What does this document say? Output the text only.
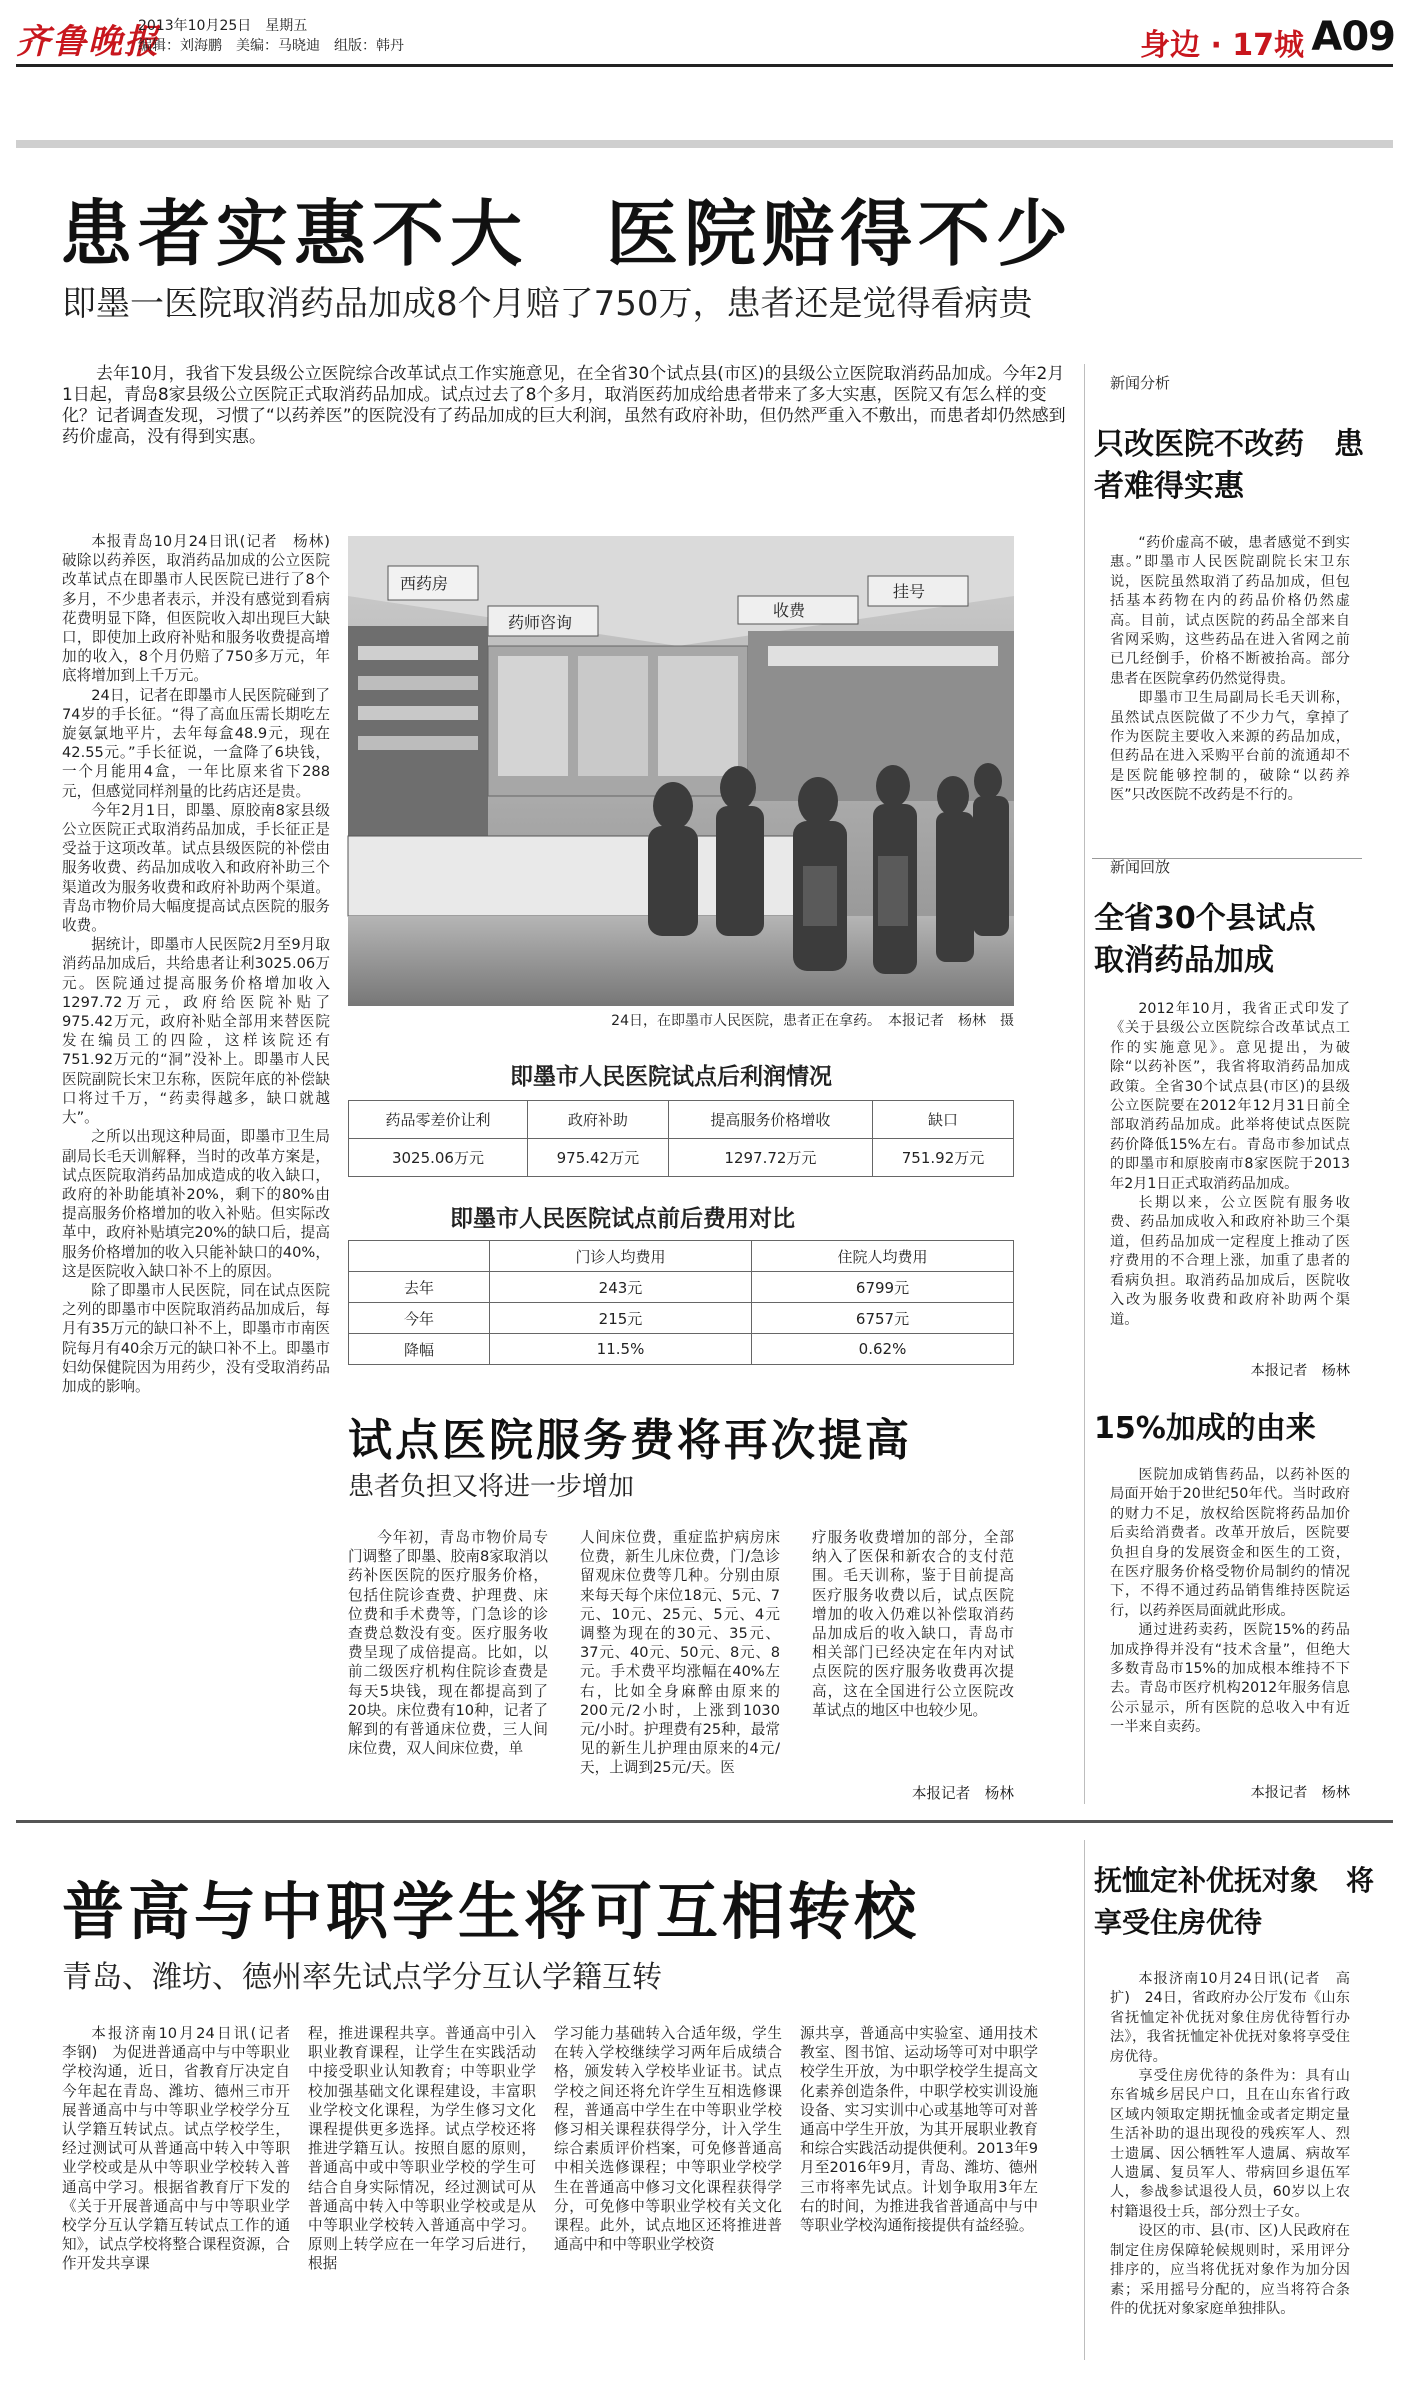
齐鲁晚报
2013年10月25日　星期五
编辑：刘海鹏　美编：马晓迪　组版：韩丹	身边 · 17城 A09
患者实惠不大　医院赔得不少
即墨一医院取消药品加成8个月赔了750万，患者还是觉得看病贵
去年10月，我省下发县级公立医院综合改革试点工作实施意见，在全省30个试点县(市区)的县级公立医院取消药品加成。今年2月1日起，青岛8家县级公立医院正式取消药品加成。试点过去了8个多月，取消医药加成给患者带来了多大实惠，医院又有怎么样的变化？记者调查发现，习惯了“以药养医”的医院没有了药品加成的巨大利润，虽然有政府补助，但仍然严重入不敷出，而患者却仍然感到药价虚高，没有得到实惠。

本报青岛10月24日讯(记者　杨林)　破除以药养医，取消药品加成的公立医院改革试点在即墨市人民医院已进行了8个多月，不少患者表示，并没有感觉到看病花费明显下降，但医院收入却出现巨大缺口，即使加上政府补贴和服务收费提高增加的收入，8个月仍赔了750多万元，年底将增加到上千万元。

24日，记者在即墨市人民医院碰到了74岁的手长征。“得了高血压需长期吃左旋氨氯地平片，去年每盒48.9元，现在42.55元。”手长征说，一盒降了6块钱，一个月能用4盒，一年比原来省下288元，但感觉同样剂量的比药店还是贵。

今年2月1日，即墨、原胶南8家县级公立医院正式取消药品加成，手长征正是受益于这项改革。试点县级医院的补偿由服务收费、药品加成收入和政府补助三个渠道改为服务收费和政府补助两个渠道。青岛市物价局大幅度提高试点医院的服务收费。

据统计，即墨市人民医院2月至9月取消药品加成后，共给患者让利3025.06万元。医院通过提高服务价格增加收入1297.72万元，政府给医院补贴了975.42万元，政府补贴全部用来替医院发在编员工的四险，这样该院还有751.92万元的“洞”没补上。即墨市人民医院副院长宋卫东称，医院年底的补偿缺口将过千万，“药卖得越多，缺口就越大”。

之所以出现这种局面，即墨市卫生局副局长毛天训解释，当时的改革方案是，试点医院取消药品加成造成的收入缺口，政府的补助能填补20%，剩下的80%由提高服务价格增加的收入补贴。但实际改革中，政府补贴填完20%的缺口后，提高服务价格增加的收入只能补缺口的40%，这是医院收入缺口补不上的原因。

除了即墨市人民医院，同在试点医院之列的即墨市中医院取消药品加成后，每月有35万元的缺口补不上，即墨市市南医院每月有40余万元的缺口补不上。即墨市妇幼保健院因为用药少，没有受取消药品加成的影响。

西药房
药师咨询
收费
挂号
24日，在即墨市人民医院，患者正在拿药。　本报记者　杨林　摄
即墨市人民医院试点后利润情况
药品零差价让利	政府补助	提高服务价格增收	缺口
3025.06万元	975.42万元	1297.72万元	751.92万元
即墨市人民医院试点前后费用对比
	门诊人均费用	住院人均费用
去年	243元	6799元
今年	215元	6757元
降幅	11.5%	0.62%
试点医院服务费将再次提高
患者负担又将进一步增加

今年初，青岛市物价局专门调整了即墨、胶南8家取消以药补医医院的医疗服务价格，包括住院诊查费、护理费、床位费和手术费等，门急诊的诊查费总数没有变。医疗服务收费呈现了成倍提高。比如，以前二级医疗机构住院诊查费是每天5块钱，现在都提高到了20块。床位费有10种，记者了解到的有普通床位费，三人间床位费，双人间床位费，单

人间床位费，重症监护病房床位费，新生儿床位费，门/急诊留观床位费等几种。分别由原来每天每个床位18元、5元、7元、10元、25元、5元、4元调整为现在的30元、35元、37元、40元、50元、8元、8元。手术费平均涨幅在40%左右，比如全身麻醉由原来的200元/2小时，上涨到1030元/小时。护理费有25种，最常见的新生儿护理由原来的4元/天，上调到25元/天。医

疗服务收费增加的部分，全部纳入了医保和新农合的支付范围。毛天训称，鉴于目前提高医疗服务收费以后，试点医院增加的收入仍难以补偿取消药品加成后的收入缺口，青岛市相关部门已经决定在年内对试点医院的医疗服务收费再次提高，这在全国进行公立医院改革试点的地区中也较少见。

本报记者　杨林
新闻分析
只改医院不改药　患者难得实惠

“药价虚高不破，患者感觉不到实惠。”即墨市人民医院副院长宋卫东说，医院虽然取消了药品加成，但包括基本药物在内的药品价格仍然虚高。目前，试点医院的药品全部来自省网采购，这些药品在进入省网之前已几经倒手，价格不断被抬高。部分患者在医院拿药仍然觉得贵。

即墨市卫生局副局长毛天训称，虽然试点医院做了不少力气，拿掉了作为医院主要收入来源的药品加成，但药品在进入采购平台前的流通却不是医院能够控制的，破除“以药养医”只改医院不改药是不行的。

新闻回放
全省30个县试点　取消药品加成

2012年10月，我省正式印发了《关于县级公立医院综合改革试点工作的实施意见》。意见提出，为破除“以药补医”，我省将取消药品加成政策。全省30个试点县(市区)的县级公立医院要在2012年12月31日前全部取消药品加成。此举将使试点医院药价降低15%左右。青岛市参加试点的即墨市和原胶南市8家医院于2013年2月1日正式取消药品加成。

长期以来，公立医院有服务收费、药品加成收入和政府补助三个渠道，但药品加成一定程度上推动了医疗费用的不合理上涨，加重了患者的看病负担。取消药品加成后，医院收入改为服务收费和政府补助两个渠道。

本报记者　杨林
15%加成的由来

医院加成销售药品，以药补医的局面开始于20世纪50年代。当时政府的财力不足，放权给医院将药品加价后卖给消费者。改革开放后，医院要负担自身的发展资金和医生的工资，在医疗服务价格受物价局制约的情况下，不得不通过药品销售维持医院运行，以药养医局面就此形成。

通过进药卖药，医院15%的药品加成挣得并没有“技术含量”，但绝大多数青岛市15%的加成根本维持不下去。青岛市医疗机构2012年服务信息公示显示，所有医院的总收入中有近一半来自卖药。

本报记者　杨林
普高与中职学生将可互相转校
青岛、潍坊、德州率先试点学分互认学籍互转

本报济南10月24日讯(记者　李钢)　为促进普通高中与中等职业学校沟通，近日，省教育厅决定自今年起在青岛、潍坊、德州三市开展普通高中与中等职业学校学分互认学籍互转试点。试点学校学生，经过测试可从普通高中转入中等职业学校或是从中等职业学校转入普通高中学习。根据省教育厅下发的《关于开展普通高中与中等职业学校学分互认学籍互转试点工作的通知》，试点学校将整合课程资源，合作开发共享课

程，推进课程共享。普通高中引入职业教育课程，让学生在实践活动中接受职业认知教育；中等职业学校加强基础文化课程建设，丰富职业学校文化课程，为学生修习文化课程提供更多选择。试点学校还将推进学籍互认。按照自愿的原则，普通高中或中等职业学校的学生可结合自身实际情况，经过测试可从普通高中转入中等职业学校或是从中等职业学校转入普通高中学习。原则上转学应在一年学习后进行，根据

学习能力基础转入合适年级，学生在转入学校继续学习两年后成绩合格，颁发转入学校毕业证书。试点学校之间还将允许学生互相选修课程，普通高中学生在中等职业学校修习相关课程获得学分，计入学生综合素质评价档案，可免修普通高中相关选修课程；中等职业学校学生在普通高中修习文化课程获得学分，可免修中等职业学校有关文化课程。此外，试点地区还将推进普通高中和中等职业学校资

源共享，普通高中实验室、通用技术教室、图书馆、运动场等可对中职学校学生开放，为中职学校学生提高文化素养创造条件，中职学校实训设施设备、实习实训中心或基地等可对普通高中学生开放，为其开展职业教育和综合实践活动提供便利。2013年9月至2016年9月，青岛、潍坊、德州三市将率先试点。计划争取用3年左右的时间，为推进我省普通高中与中等职业学校沟通衔接提供有益经验。

抚恤定补优抚对象　将享受住房优待

本报济南10月24日讯(记者　高扩)　24日，省政府办公厅发布《山东省抚恤定补优抚对象住房优待暂行办法》，我省抚恤定补优抚对象将享受住房优待。

享受住房优待的条件为：具有山东省城乡居民户口，且在山东省行政区域内领取定期抚恤金或者定期定量生活补助的退出现役的残疾军人、烈士遗属、因公牺牲军人遗属、病故军人遗属、复员军人、带病回乡退伍军人，参战参试退役人员，60岁以上农村籍退役士兵，部分烈士子女。

设区的市、县(市、区)人民政府在制定住房保障轮候规则时，采用评分排序的，应当将优抚对象作为加分因素；采用摇号分配的，应当将符合条件的优抚对象家庭单独排队。
